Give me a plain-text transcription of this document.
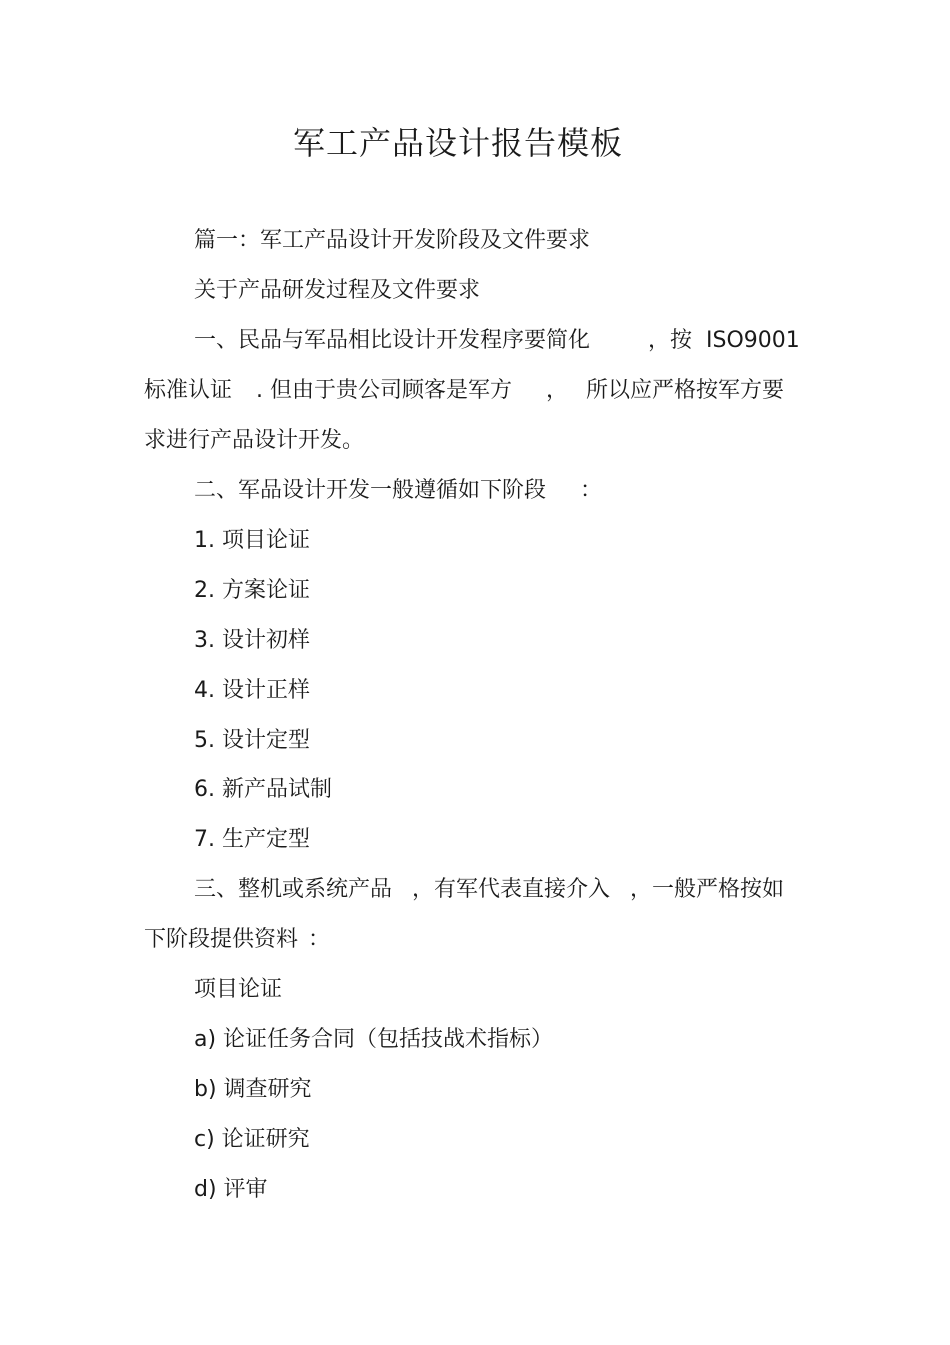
军工产品设计报告模板
篇一：军工产品设计开发阶段及文件要求
关于产品研发过程及文件要求
一、民品与军品相比设计开发程序要简化	，按 ISO9001
标准认证 . 但由于贵公司顾客是军方 ， 所以应严格按军方要
求进行产品设计开发。
二、军品设计开发一般遵循如下阶段 ：
1. 项目论证
2. 方案论证
3. 设计初样
4. 设计正样
5. 设计定型
6. 新产品试制
7. 生产定型
三、整机或系统产品 ，有军代表直接介入 ，一般严格按如
下阶段提供资料 ：
项目论证
a) 论证任务合同（包括技战术指标）
b) 调查研究
c) 论证研究
d) 评审
